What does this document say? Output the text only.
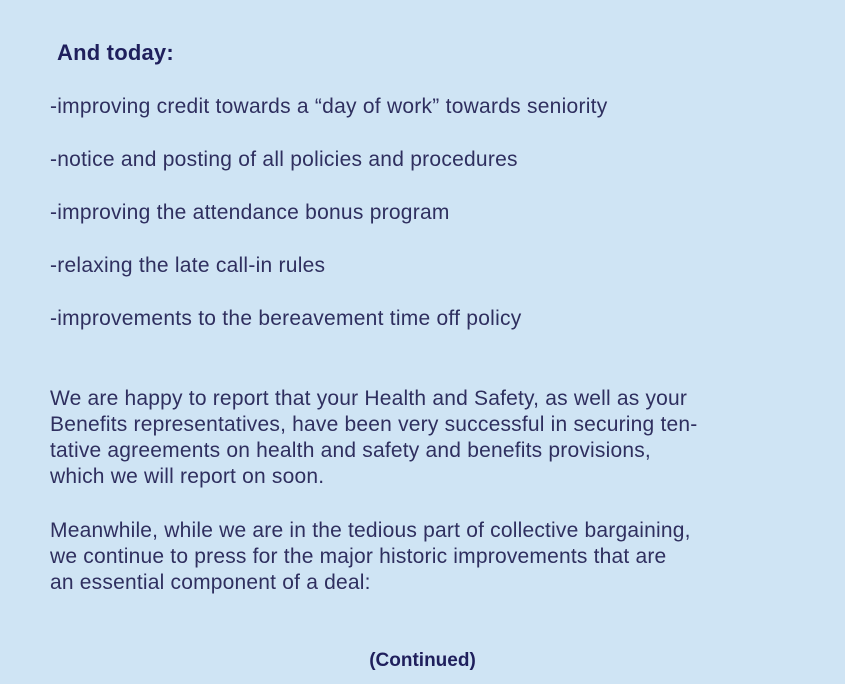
And today:
-improving credit towards a “day of work” towards seniority
-notice and posting of all policies and procedures
-improving the attendance bonus program
-relaxing the late call-in rules
-improvements to the bereavement time off policy
We are happy to report that your Health and Safety, as well as your
Benefits representatives, have been very successful in securing ten-
tative agreements on health and safety and benefits provisions,
which we will report on soon.
Meanwhile, while we are in the tedious part of collective bargaining,
we continue to press for the major historic improvements that are
an essential component of a deal:
(Continued)
